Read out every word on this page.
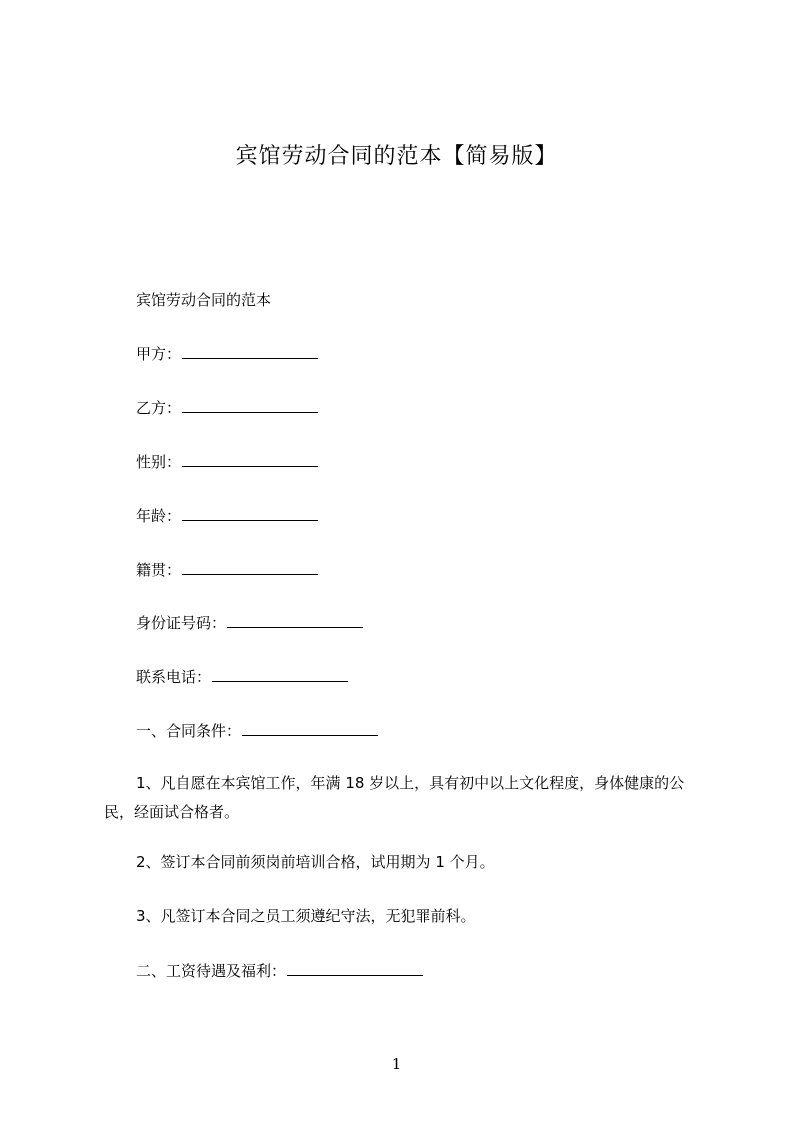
宾馆劳动合同的范本【简易版】
宾馆劳动合同的范本
甲方：
乙方：
性别：
年龄：
籍贯：
身份证号码：
联系电话：
一、合同条件：
1、凡自愿在本宾馆工作，年满 18 岁以上，具有初中以上文化程度，身体健康的公民，经面试合格者。
2、签订本合同前须岗前培训合格，试用期为 1 个月。
3、凡签订本合同之员工须遵纪守法，无犯罪前科。
二、工资待遇及福利：
1
